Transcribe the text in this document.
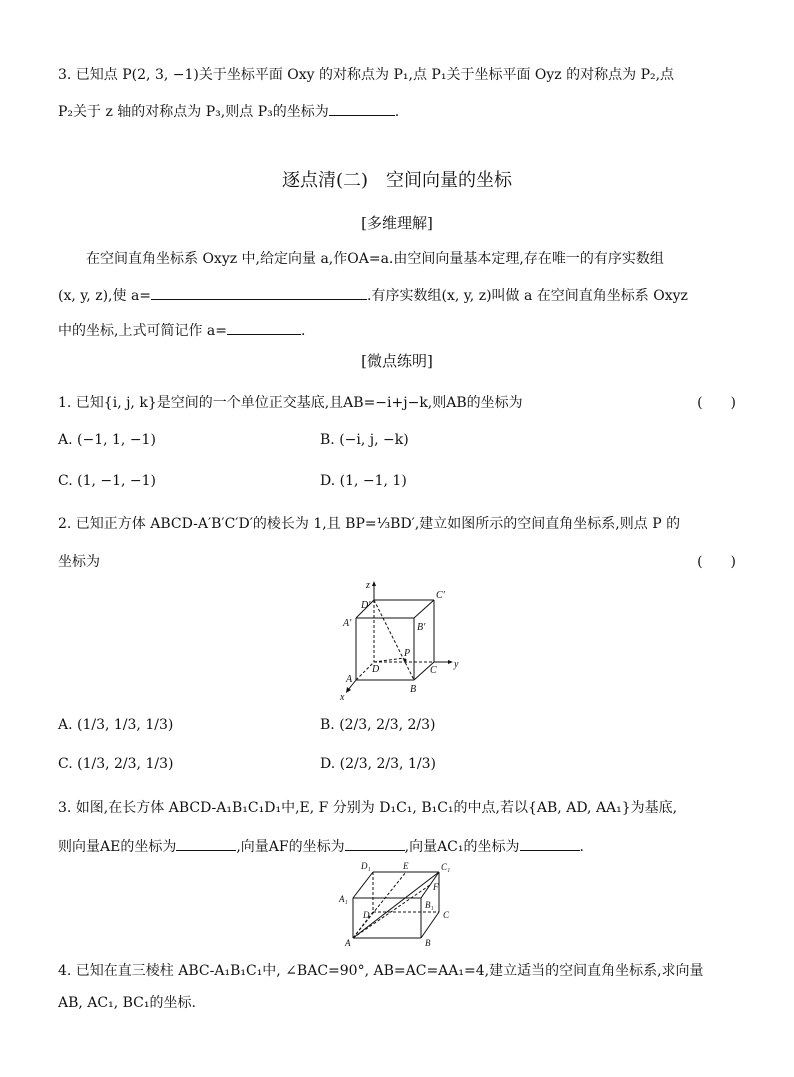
3. 已知点 P(2, 3, −1)关于坐标平面 Oxy 的对称点为 P₁,点 P₁关于坐标平面 Oyz 的对称点为 P₂,点
P₂关于 z 轴的对称点为 P₃,则点 P₃的坐标为	.
逐点清(二)　空间向量的坐标
[多维理解]
在空间直角坐标系 Oxyz 中,给定向量 a,作OA=a.由空间向量基本定理,存在唯一的有序实数组
(x, y, z),使 a=	.有序实数组(x, y, z)叫做 a 在空间直角坐标系 Oxyz
中的坐标,上式可简记作 a=	.
[微点练明]
1. 已知{i, j, k}是空间的一个单位正交基底,且AB=−i+j−k,则AB的坐标为	(　　)
A. (−1, 1, −1)	B. (−i, j, −k)
C. (1, −1, −1)	D. (1, −1, 1)
2. 已知正方体 ABCD-A′B′C′D′的棱长为 1,且 BP=⅓BD′,建立如图所示的空间直角坐标系,则点 P 的
坐标为	(　　)
z
D′
C′
A′	B′
P
D	C
y
A
B
x
A. (1/3, 1/3, 1/3)	B. (2/3, 2/3, 2/3)
C. (1/3, 2/3, 1/3)	D. (2/3, 2/3, 1/3)
3. 如图,在长方体 ABCD-A₁B₁C₁D₁中,E, F 分别为 D₁C₁, B₁C₁的中点,若以{AB, AD, AA₁}为基底,
则向量AE的坐标为	,向量AF的坐标为	,向量AC₁的坐标为	.
D₁	E	C₁
F
A₁
B₁
D	C
A	B
4. 已知在直三棱柱 ABC-A₁B₁C₁中, ∠BAC=90°, AB=AC=AA₁=4,建立适当的空间直角坐标系,求向量
AB, AC₁, BC₁的坐标.
